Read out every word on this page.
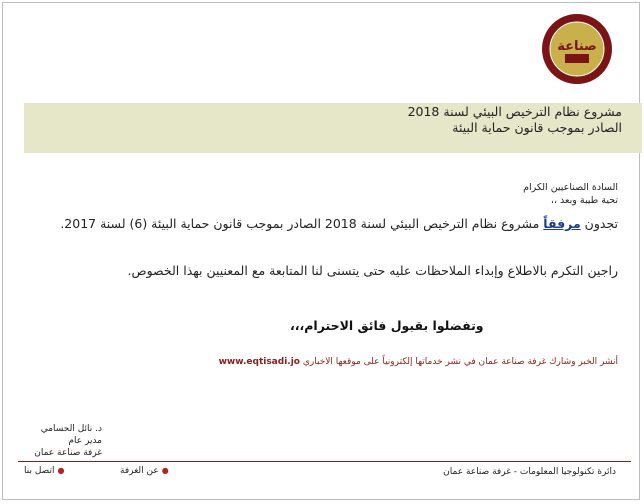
صناعة
مشروع نظام الترخيص البيئي لسنة 2018 الصادر بموجب قانون حماية البيئة
السادة الصناعيين الكرام
تحية طيبة وبعد ،،
تجدون مرفقاً مشروع نظام الترخيص البيئي لسنة 2018 الصادر بموجب قانون حماية البيئة (6) لسنة 2017.
راجين التكرم بالاطلاع وإبداء الملاحظات عليه حتى يتسنى لنا المتابعة مع المعنيين بهذا الخصوص.
وتفضلوا بقبول فائق الاحترام،،،
أنشر الخبر وشارك غرفة صناعة عمان في نشر خدماتها إلكترونياً على موقعها الاخباري www.eqtisadi.jo
د. نائل الحسامي
مدير عام
غرفة صناعة عمان
●اتصل بنا	●عن الغرفة	دائرة تكنولوجيا المعلومات - غرفة صناعة عمان
